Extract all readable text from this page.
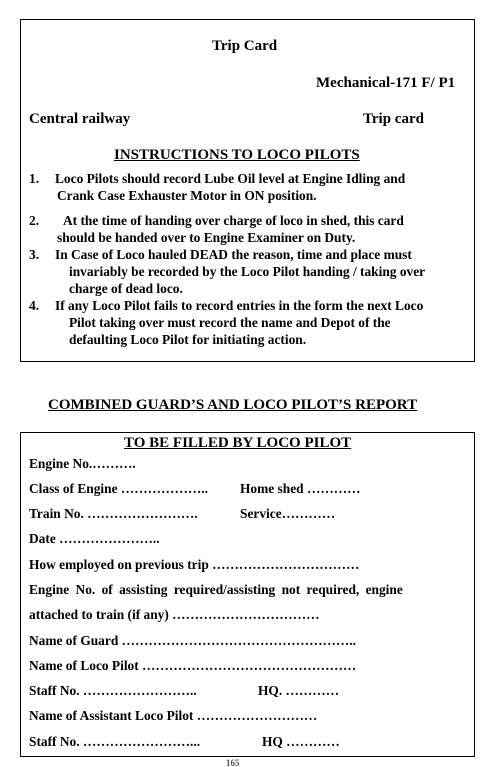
Trip Card
Mechanical-171 F/ P1
Central railway	Trip card
INSTRUCTIONS TO LOCO PILOTS
1. Loco Pilots should record Lube Oil level at Engine Idling and
Crank Case Exhauster Motor in ON position.
2. At the time of handing over charge of loco in shed, this card
should be handed over to Engine Examiner on Duty.
3. In Case of Loco hauled DEAD the reason, time and place must
invariably be recorded by the Loco Pilot handing / taking over
charge of dead loco.
4. If any Loco Pilot fails to record entries in the form the next Loco
Pilot taking over must record the name and Depot of the
defaulting Loco Pilot for initiating action.
COMBINED GUARD’S AND LOCO PILOT’S REPORT
TO BE FILLED BY LOCO PILOT
Engine No.……….
Class of Engine ……………….. Home shed …………
Train No. …………………….	Service…………
Date …………………..
How employed on previous trip ……………………………
Engine No. of assisting required/assisting not required, engine
attached to train (if any) ……………………………
Name of Guard ……………………………………………..
Name of Loco Pilot …………………………………………
Staff No. ……………………..	HQ. …………
Name of Assistant Loco Pilot ………………………
Staff No. ……………………...	HQ …………
165
